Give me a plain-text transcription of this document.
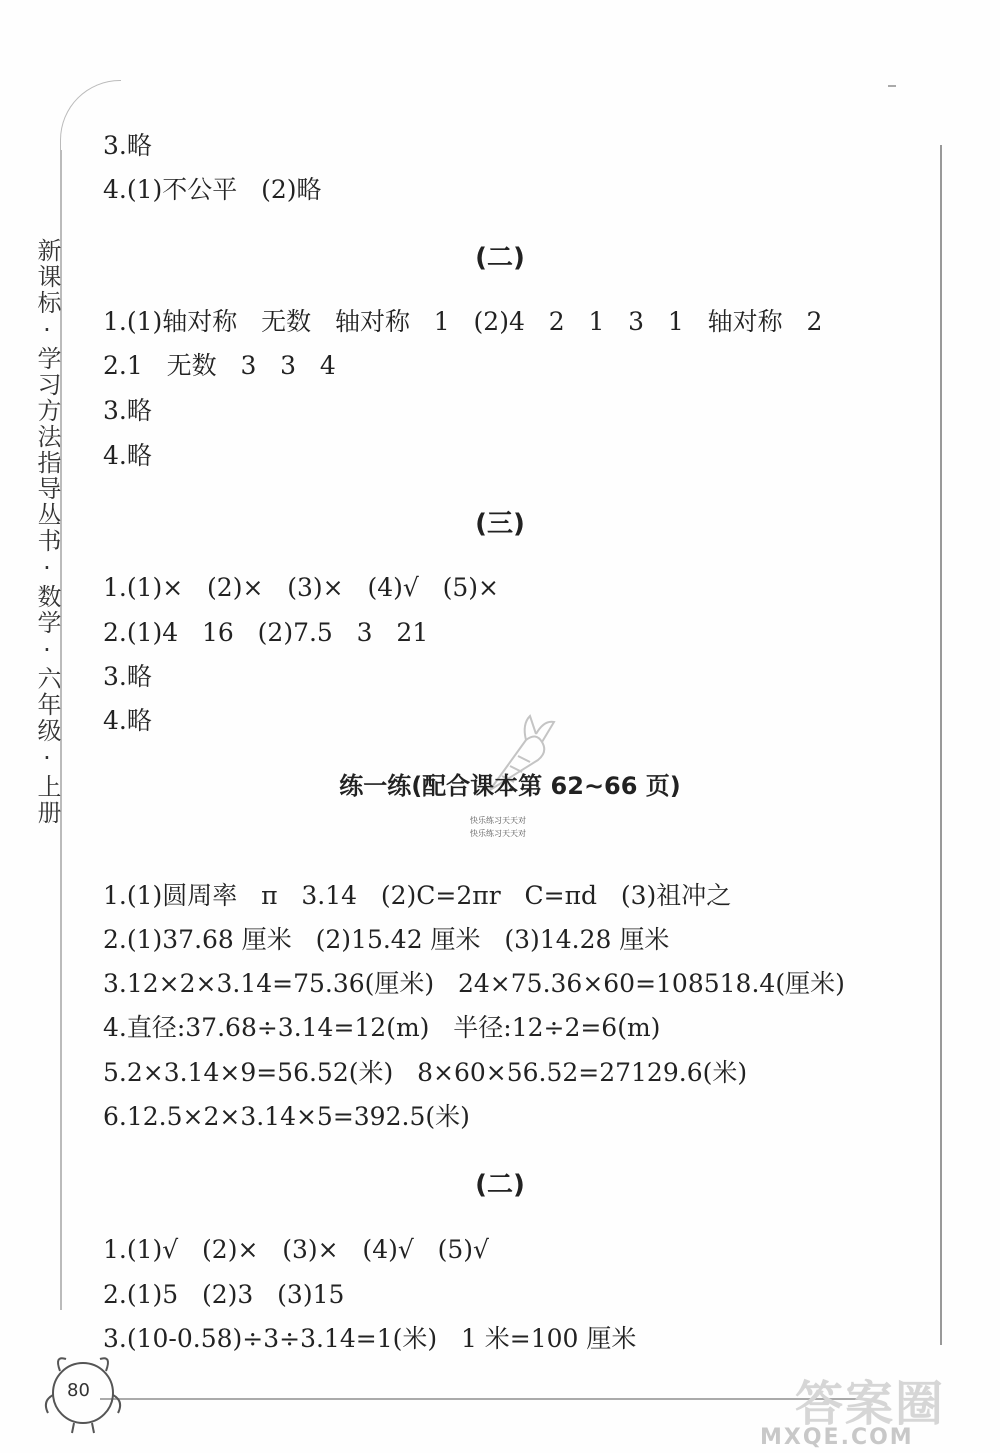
新课标·学习方法指导丛书·数学·六年级·上册
3.略
4.(1)不公平   (2)略
(二)
1.(1)轴对称   无数   轴对称   1   (2)4   2   1   3   1   轴对称   2
2.1   无数   3   3   4
3.略
4.略
(三)
1.(1)×   (2)×   (3)×   (4)√   (5)×
2.(1)4   16   (2)7.5   3   21
3.略
4.略
练一练(配合课本第 62~66 页)
快乐练习天天对
快乐练习天天对
1.(1)圆周率   π   3.14   (2)C=2πr   C=πd   (3)祖冲之
2.(1)37.68 厘米   (2)15.42 厘米   (3)14.28 厘米
3.12×2×3.14=75.36(厘米)   24×75.36×60=108518.4(厘米)
4.直径:37.68÷3.14=12(m)   半径:12÷2=6(m)
5.2×3.14×9=56.52(米)   8×60×56.52=27129.6(米)
6.12.5×2×3.14×5=392.5(米)
(二)
1.(1)√   (2)×   (3)×   (4)√   (5)√
2.(1)5   (2)3   (3)15
3.(10-0.58)÷3÷3.14=1(米)   1 米=100 厘米
80	答案圈
MXQE.COM
